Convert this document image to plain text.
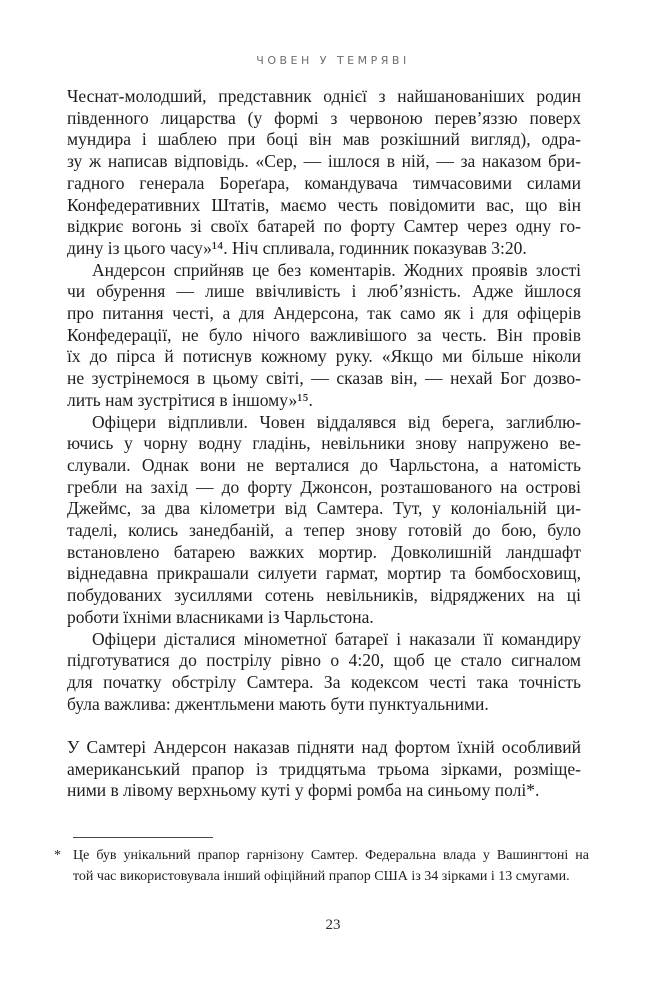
ЧОВЕН У ТЕМРЯВІ
Чеснат-молодший, представник однієї з найшанованіших родин
південного лицарства (у формі з червоною перев’яззю поверх
мундира і шаблею при боці він мав розкішний вигляд), одра-
зу ж написав відповідь. «Сер, — ішлося в ній, — за наказом бри-
гадного генерала Бореґара, командувача тимчасовими силами
Конфедеративних Штатів, маємо честь повідомити вас, що він
відкриє вогонь зі своїх батарей по форту Самтер через одну го-
дину із цього часу»¹⁴. Ніч спливала, годинник показував 3:20.
Андерсон сприйняв це без коментарів. Жодних проявів злості
чи обурення — лише ввічливість і люб’язність. Адже йшлося
про питання честі, а для Андерсона, так само як і для офіцерів
Конфедерації, не було нічого важливішого за честь. Він провів
їх до пірса й потиснув кожному руку. «Якщо ми більше ніколи
не зустрінемося в цьому світі, — сказав він, — нехай Бог дозво-
лить нам зустрітися в іншому»¹⁵.
Офіцери відпливли. Човен віддалявся від берега, заглиблю-
ючись у чорну водну гладінь, невільники знову напружено ве-
слували. Однак вони не верталися до Чарльстона, а натомість
гребли на захід — до форту Джонсон, розташованого на острові
Джеймс, за два кілометри від Самтера. Тут, у колоніальній ци-
таделі, колись занедбаній, а тепер знову готовій до бою, було
встановлено батарею важких мортир. Довколишній ландшафт
віднедавна прикрашали силуети гармат, мортир та бомбосховищ,
побудованих зусиллями сотень невільників, відряджених на ці
роботи їхніми власниками із Чарльстона.
Офіцери дісталися мінометної батареї і наказали її командиру
підготуватися до пострілу рівно о 4:20, щоб це стало сигналом
для початку обстрілу Самтера. За кодексом честі така точність
була важлива: джентльмени мають бути пунктуальними.
У Самтері Андерсон наказав підняти над фортом їхній особливий
американський прапор із тридцятьма трьома зірками, розміще-
ними в лівому верхньому куті у формі ромба на синьому полі*.
* Це був унікальний прапор гарнізону Самтер. Федеральна влада у Вашингтоні на
той час використовувала інший офіційний прапор США із 34 зірками і 13 смугами.
23
